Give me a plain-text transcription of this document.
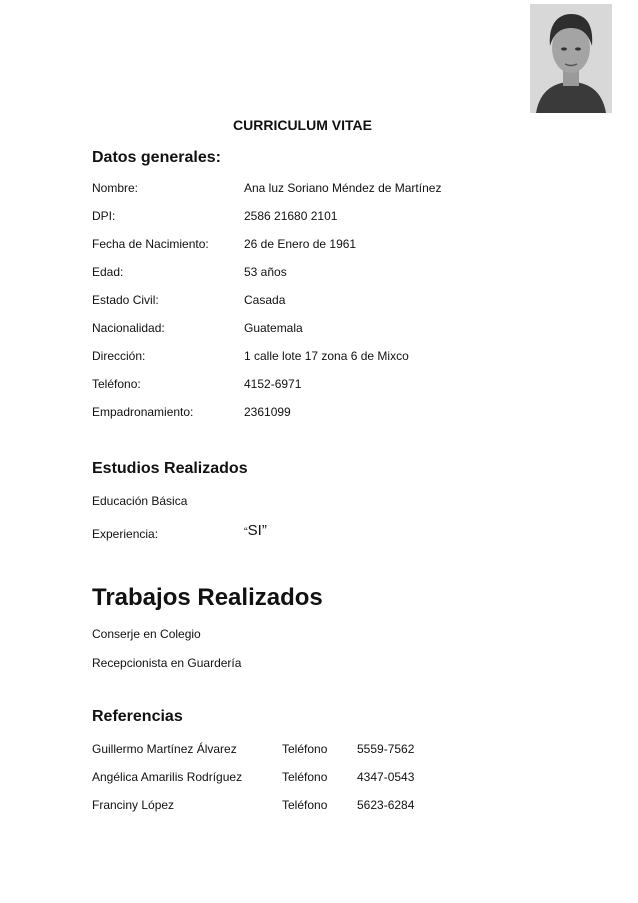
CURRICULUM VITAE
Datos generales:
Nombre:	Ana luz Soriano Méndez de Martínez
DPI:	2586 21680 2101
Fecha de Nacimiento:	26 de Enero de 1961
Edad:	53 años
Estado Civil:	Casada
Nacionalidad:	Guatemala
Dirección:	1 calle lote 17 zona 6 de Mixco
Teléfono:	4152-6971
Empadronamiento:	2361099
Estudios Realizados
Educación Básica
Experiencia:	“SI”
Trabajos Realizados
Conserje en Colegio
Recepcionista en Guardería
Referencias
Guillermo Martínez Álvarez	Teléfono 5559-7562
Angélica Amarilis Rodríguez	Teléfono 4347-0543
Franciny López	Teléfono 5623-6284
